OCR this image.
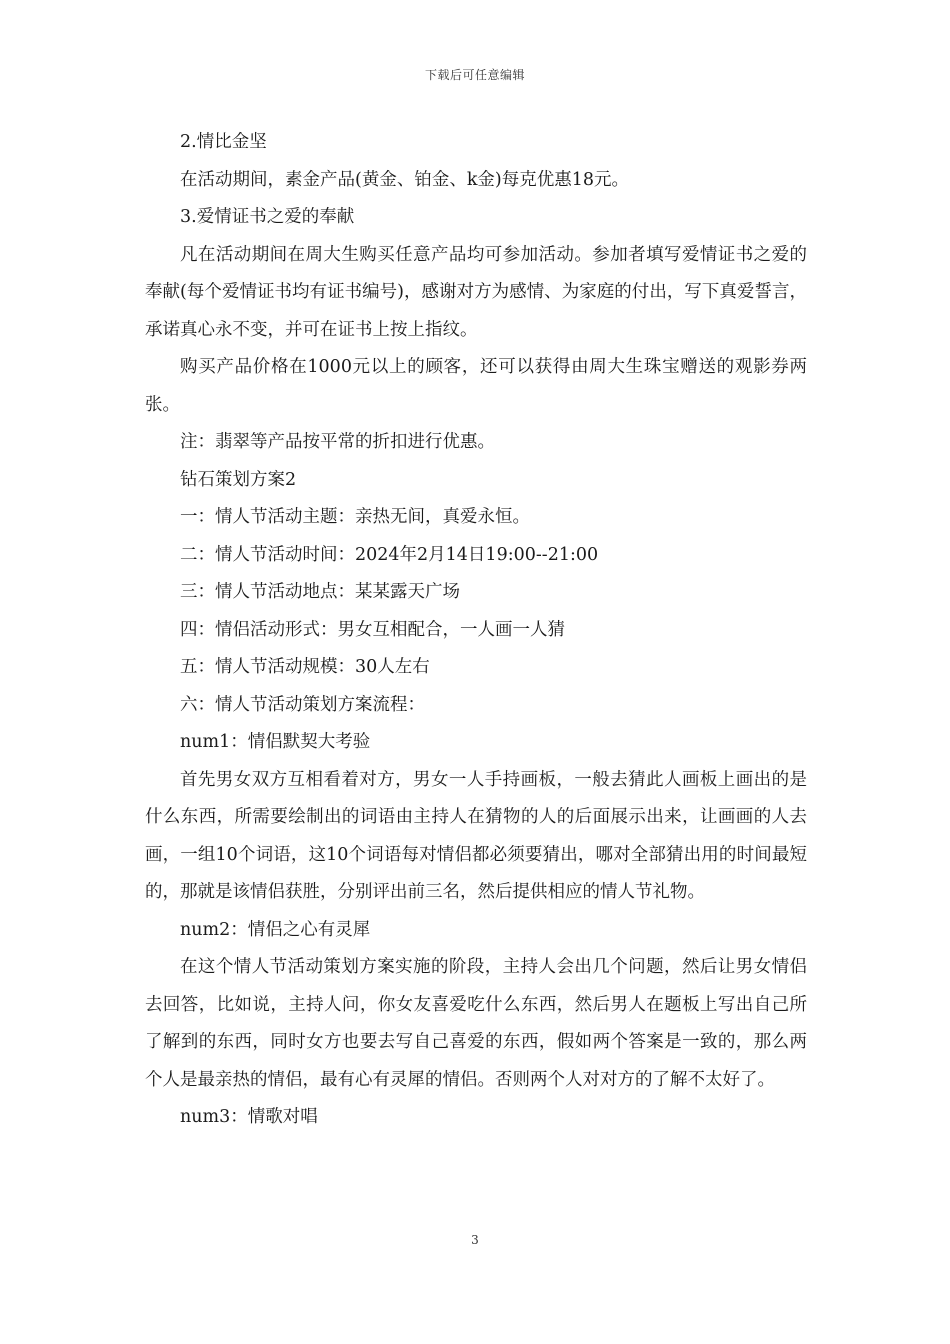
下载后可任意编辑

2.情比金坚

在活动期间，素金产品(黄金、铂金、k金)每克优惠18元。

3.爱情证书之爱的奉献

凡在活动期间在周大生购买任意产品均可参加活动。参加者填写爱情证书之爱的奉献(每个爱情证书均有证书编号)，感谢对方为感情、为家庭的付出，写下真爱誓言，承诺真心永不变，并可在证书上按上指纹。

购买产品价格在1000元以上的顾客，还可以获得由周大生珠宝赠送的观影券两张。

注：翡翠等产品按平常的折扣进行优惠。

钻石策划方案2

一：情人节活动主题：亲热无间，真爱永恒。

二：情人节活动时间：2024年2月14日19:00--21:00

三：情人节活动地点：某某露天广场

四：情侣活动形式：男女互相配合，一人画一人猜

五：情人节活动规模：30人左右

六：情人节活动策划方案流程：

num1：情侣默契大考验

首先男女双方互相看着对方，男女一人手持画板，一般去猜此人画板上画出的是什么东西，所需要绘制出的词语由主持人在猜物的人的后面展示出来，让画画的人去画，一组10个词语，这10个词语每对情侣都必须要猜出，哪对全部猜出用的时间最短的，那就是该情侣获胜，分别评出前三名，然后提供相应的情人节礼物。

num2：情侣之心有灵犀

在这个情人节活动策划方案实施的阶段，主持人会出几个问题，然后让男女情侣去回答，比如说，主持人问，你女友喜爱吃什么东西，然后男人在题板上写出自己所了解到的东西，同时女方也要去写自己喜爱的东西，假如两个答案是一致的，那么两个人是最亲热的情侣，最有心有灵犀的情侣。否则两个人对对方的了解不太好了。

num3：情歌对唱

3
